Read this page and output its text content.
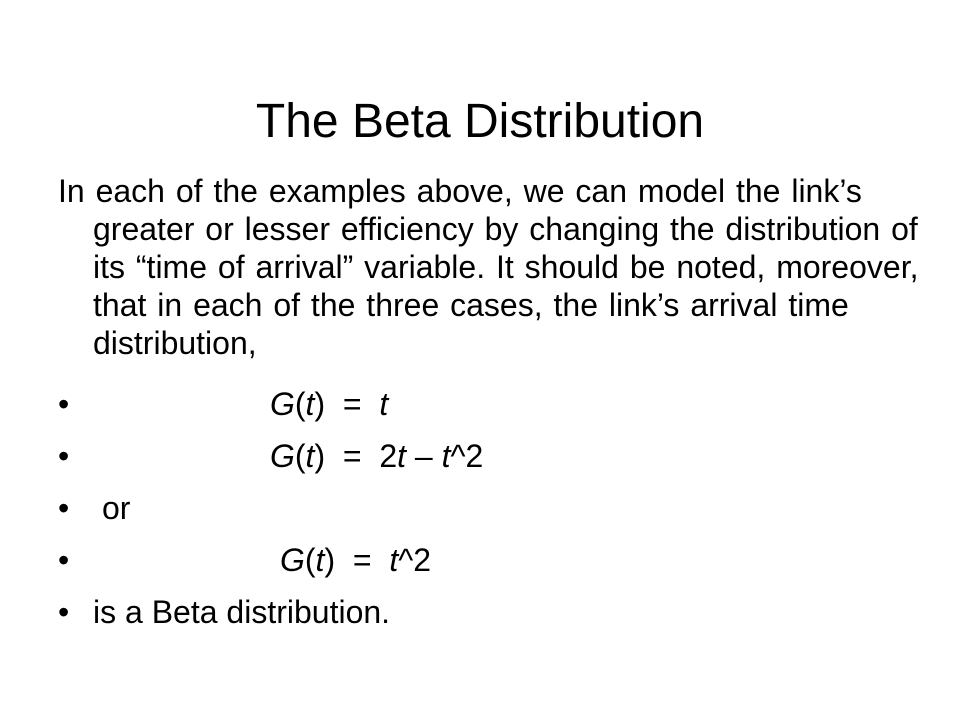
The Beta Distribution

In each of the examples above, we can model the link’s greater or lesser efficiency by changing the distribution of its “time of arrival” variable. It should be noted, moreover, that in each of the three cases, the link’s arrival time distribution,

•	G(t)  =  t
•	G(t)  =  2t – t^2
• or
•	G(t)  =  t^2
• is a Beta distribution.
